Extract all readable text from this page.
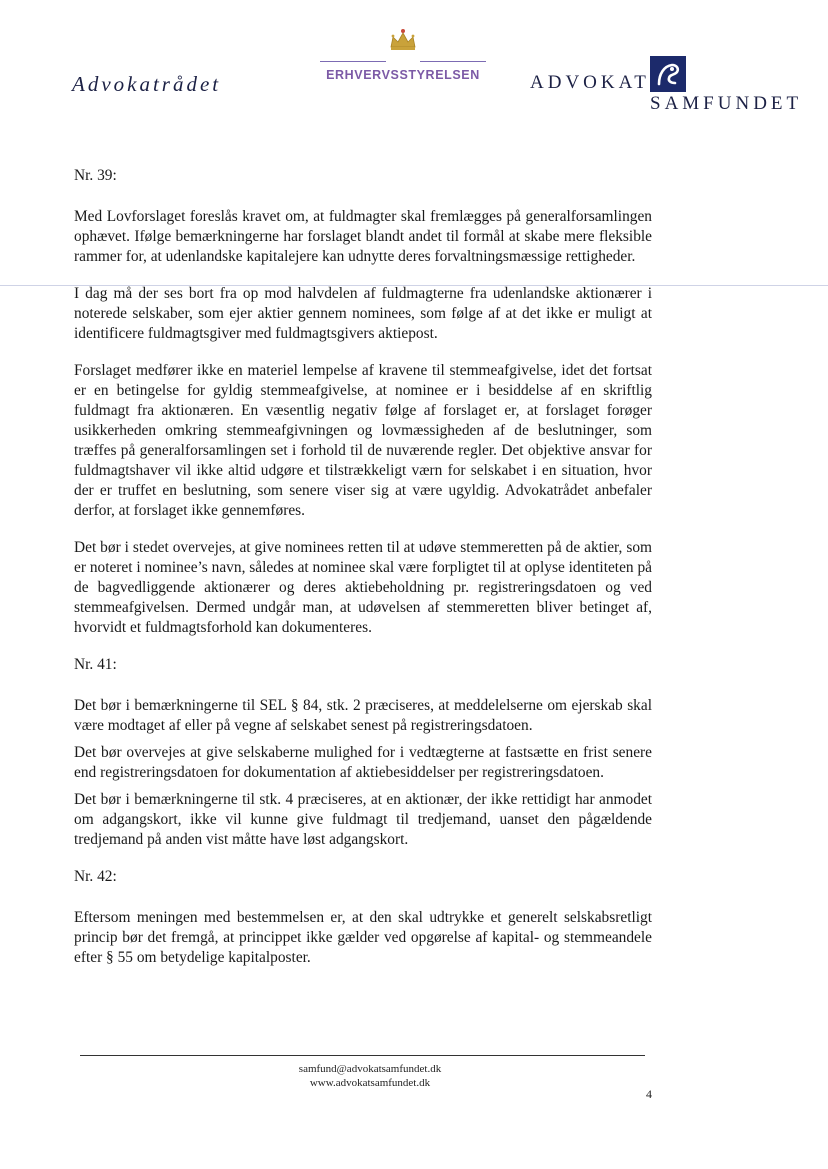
Advokatrådet	ERHVERVSSTYRELSEN	ADVOKAT
SAMFUNDET

Nr. 39:

Med Lovforslaget foreslås kravet om, at fuldmagter skal fremlægges på generalforsamlingen ophævet. Ifølge bemærkningerne har forslaget blandt andet til formål at skabe mere fleksible rammer for, at udenlandske kapitalejere kan udnytte deres forvaltningsmæssige rettigheder.

I dag må der ses bort fra op mod halvdelen af fuldmagterne fra udenlandske aktionærer i noterede selskaber, som ejer aktier gennem nominees, som følge af at det ikke er muligt at identificere fuldmagtsgiver med fuldmagtsgivers aktiepost.

Forslaget medfører ikke en materiel lempelse af kravene til stemmeafgivelse, idet det fortsat er en betingelse for gyldig stemmeafgivelse, at nominee er i besiddelse af en skriftlig fuldmagt fra aktionæren. En væsentlig negativ følge af forslaget er, at forslaget forøger usikkerheden omkring stemmeafgivningen og lovmæssigheden af de beslutninger, som træffes på generalforsamlingen set i forhold til de nuværende regler. Det objektive ansvar for fuldmagtshaver vil ikke altid udgøre et tilstrækkeligt værn for selskabet i en situation, hvor der er truffet en beslutning, som senere viser sig at være ugyldig. Advokatrådet anbefaler derfor, at forslaget ikke gennemføres.

Det bør i stedet overvejes, at give nominees retten til at udøve stemmeretten på de aktier, som er noteret i nominee’s navn, således at nominee skal være forpligtet til at oplyse identiteten på de bagvedliggende aktionærer og deres aktiebeholdning pr. registreringsdatoen og ved stemmeafgivelsen. Dermed undgår man, at udøvelsen af stemmeretten bliver betinget af, hvorvidt et fuldmagtsforhold kan dokumenteres.

Nr. 41:

Det bør i bemærkningerne til SEL § 84, stk. 2 præciseres, at meddelelserne om ejerskab skal være modtaget af eller på vegne af selskabet senest på registreringsdatoen.

Det bør overvejes at give selskaberne mulighed for i vedtægterne at fastsætte en frist senere end registreringsdatoen for dokumentation af aktiebesiddelser per registreringsdatoen.

Det bør i bemærkningerne til stk. 4 præciseres, at en aktionær, der ikke rettidigt har anmodet om adgangskort, ikke vil kunne give fuldmagt til tredjemand, uanset den pågældende tredjemand på anden vist måtte have løst adgangskort.

Nr. 42:

Eftersom meningen med bestemmelsen er, at den skal udtrykke et generelt selskabsretligt princip bør det fremgå, at princippet ikke gælder ved opgørelse af kapital- og stemmeandele efter § 55 om betydelige kapitalposter.

samfund@advokatsamfundet.dk
www.advokatsamfundet.dk
4
